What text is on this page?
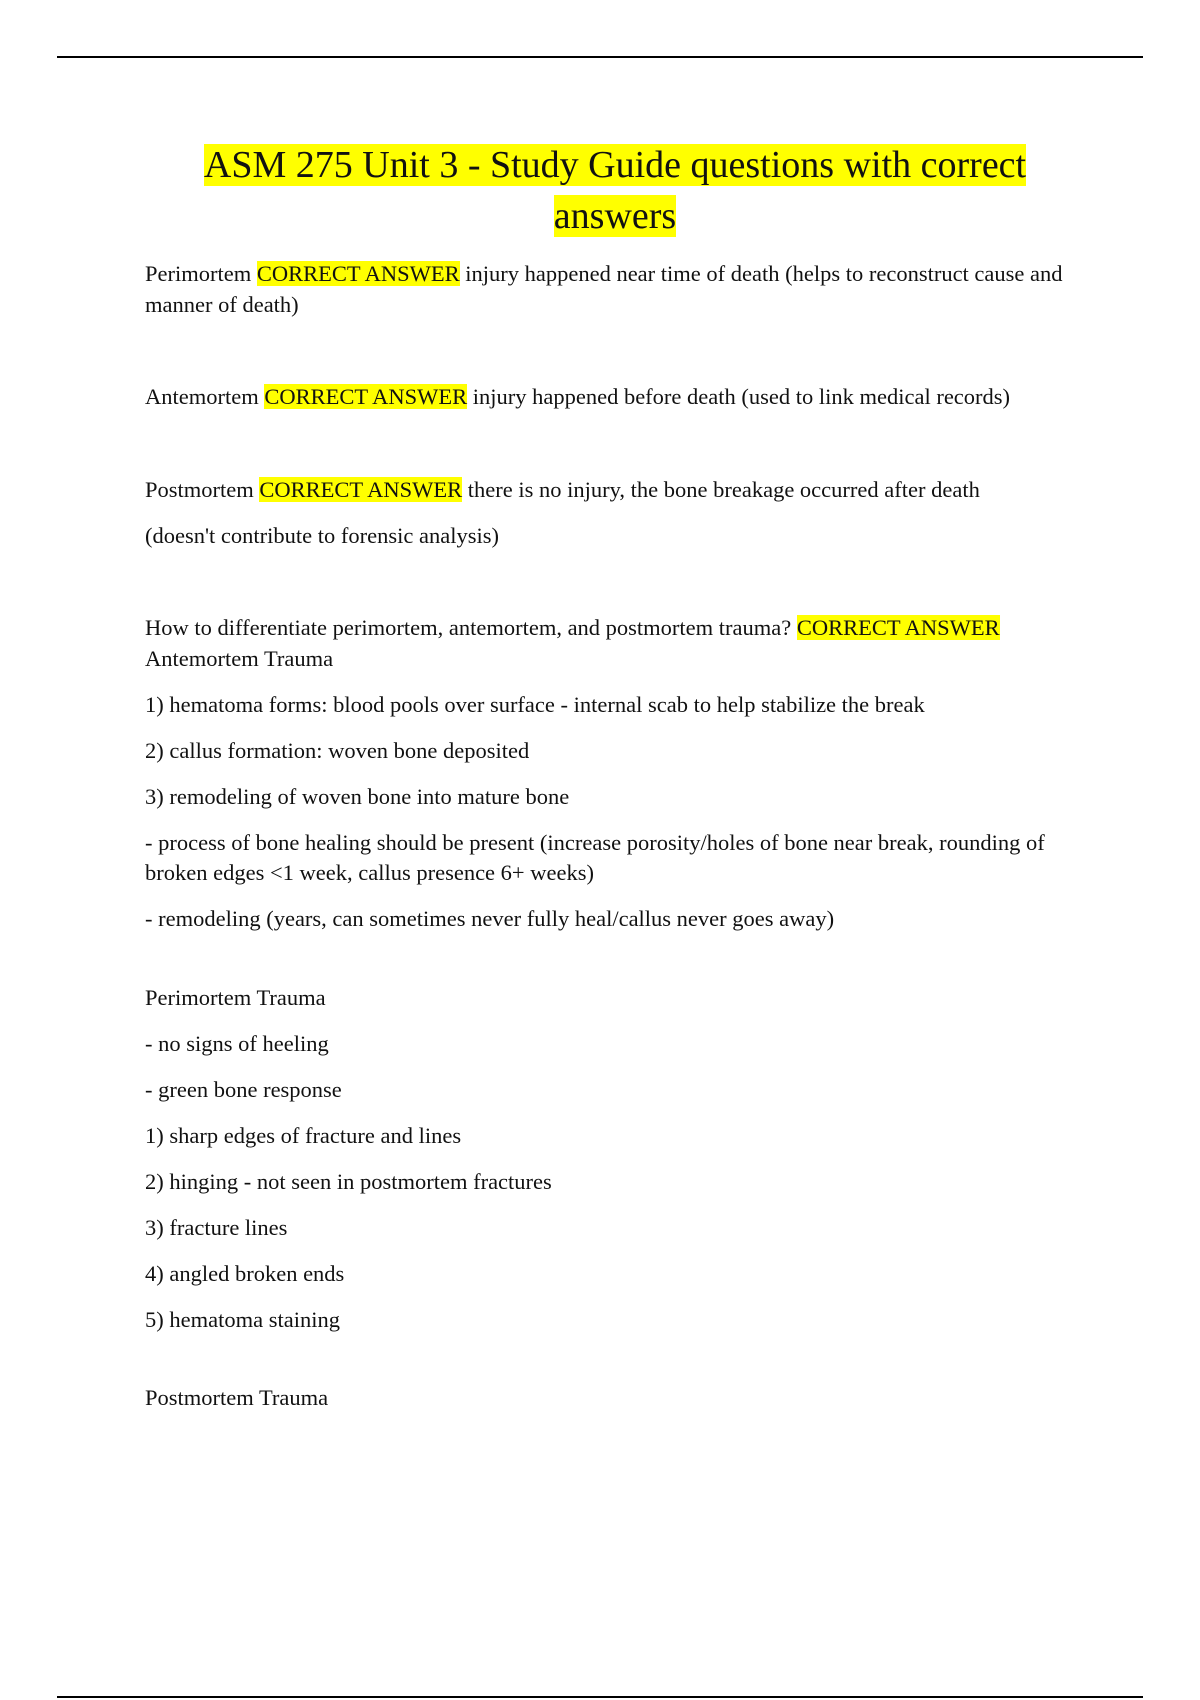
ASM 275 Unit 3 - Study Guide questions with correct answers

Perimortem CORRECT ANSWER injury happened near time of death (helps to reconstruct cause and manner of death)

Antemortem CORRECT ANSWER injury happened before death (used to link medical records)

Postmortem CORRECT ANSWER there is no injury, the bone breakage occurred after death

(doesn't contribute to forensic analysis)

How to differentiate perimortem, antemortem, and postmortem trauma? CORRECT ANSWER

Antemortem Trauma

1) hematoma forms: blood pools over surface - internal scab to help stabilize the break

2) callus formation: woven bone deposited

3) remodeling of woven bone into mature bone

- process of bone healing should be present (increase porosity/holes of bone near break, rounding of broken edges <1 week, callus presence 6+ weeks)

- remodeling (years, can sometimes never fully heal/callus never goes away)

Perimortem Trauma

- no signs of heeling

- green bone response

1) sharp edges of fracture and lines

2) hinging - not seen in postmortem fractures

3) fracture lines

4) angled broken ends

5) hematoma staining

Postmortem Trauma
